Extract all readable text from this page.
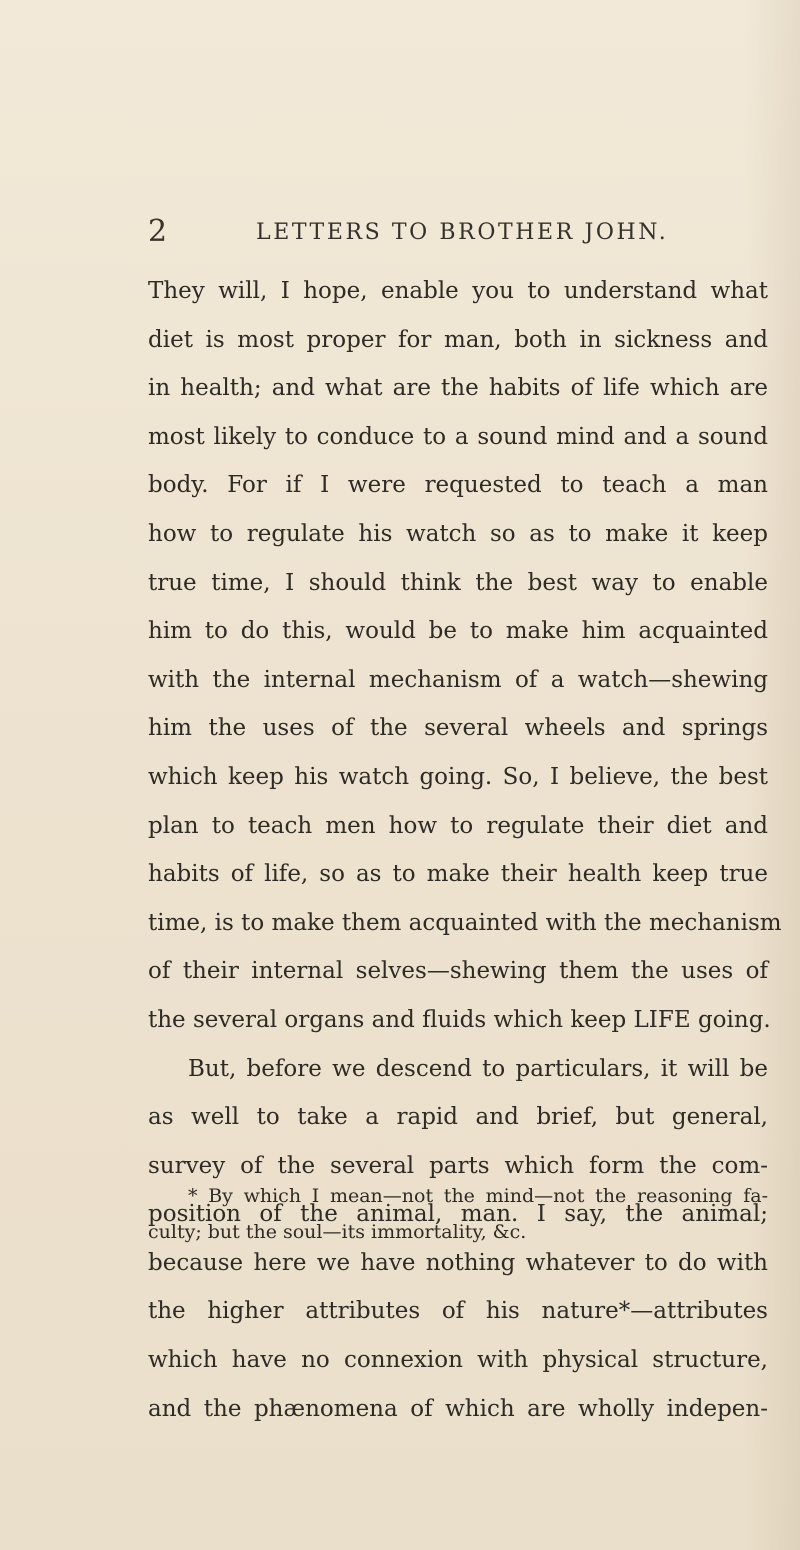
2	LETTERS TO BROTHER JOHN.

They will, I hope, enable you to understand what
diet is most proper for man, both in sickness and
in health; and what are the habits of life which are
most likely to conduce to a sound mind and a sound
body. For if I were requested to teach a man
how to regulate his watch so as to make it keep
true time, I should think the best way to enable
him to do this, would be to make him acquainted
with the internal mechanism of a watch—shewing
him the uses of the several wheels and springs
which keep his watch going. So, I believe, the best
plan to teach men how to regulate their diet and
habits of life, so as to make their health keep true
time, is to make them acquainted with the mechanism
of their internal selves—shewing them the uses of
the several organs and fluids which keep LIFE going.

But, before we descend to particulars, it will be
as well to take a rapid and brief, but general,
survey of the several parts which form the com-
position of the animal, man. I say, the animal;
because here we have nothing whatever to do with
the higher attributes of his nature*—attributes
which have no connexion with physical structure,
and the phænomena of which are wholly indepen-

* By which I mean—not the mind—not the reasoning fa-
culty; but the soul—its immortality, &c.
